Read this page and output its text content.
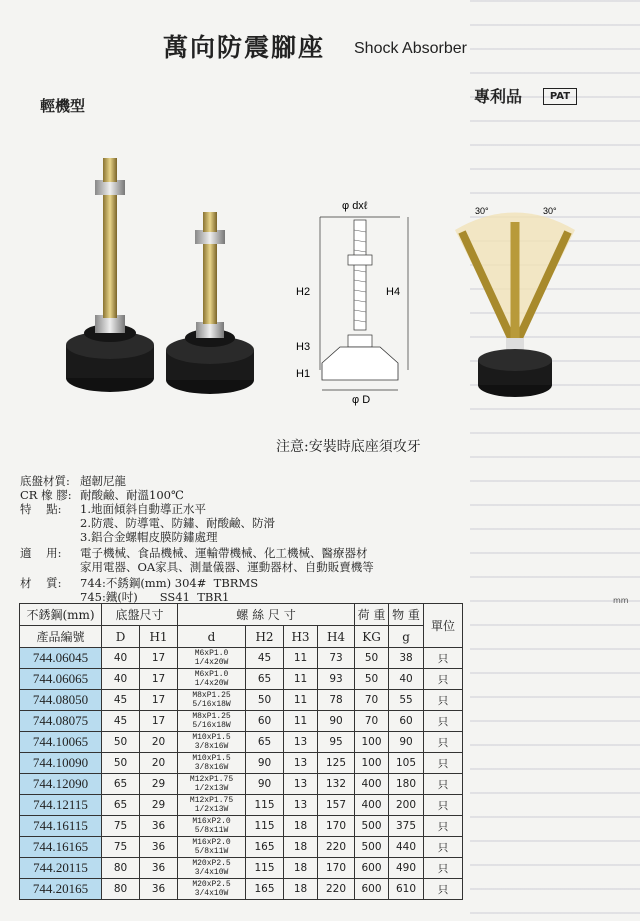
萬向防震腳座 Shock Absorber
輕機型	專利品	PAT
φ dxℓ
H2
H3
H1
H4
φ D
30°	30°
注意:安裝時底座須攻牙
底盤材質: 超韌尼龍
CR 橡 膠: 耐酸鹼、耐溫100℃
特    點: 1.地面傾斜自動導正水平
2.防震、防導電、防鏽、耐酸鹼、防滑
3.鋁合金螺帽皮膜防鏽處理
適    用: 電子機械、食品機械、運輸帶機械、化工機械、醫療器材
家用電器、OA家具、測量儀器、運動器材、自動販賣機等
材    質: 744:不銹鋼(mm) 304#  TBRMS
745:鐵(吋)      SS41  TBR1	mm
不銹鋼(mm)	底盤尺寸		螺 絲 尺 寸				荷 重	物 重	單位
產品編號	D	H1	d	H2	H3	H4	KG	g	
744.06045	40	17	M6xP1.0
1/4x20W	45	11	73	50	38	只
744.06065	40	17	M6xP1.0
1/4x20W	65	11	93	50	40	只
744.08050	45	17	M8xP1.25
5/16x18W	50	11	78	70	55	只
744.08075	45	17	M8xP1.25
5/16x18W	60	11	90	70	60	只
744.10065	50	20	M10xP1.5
3/8x16W	65	13	95	100	90	只
744.10090	50	20	M10xP1.5
3/8x16W	90	13	125	100	105	只
744.12090	65	29	M12xP1.75
1/2x13W	90	13	132	400	180	只
744.12115	65	29	M12xP1.75
1/2x13W	115	13	157	400	200	只
744.16115	75	36	M16xP2.0
5/8x11W	115	18	170	500	375	只
744.16165	75	36	M16xP2.0
5/8x11W	165	18	220	500	440	只
744.20115	80	36	M20xP2.5
3/4x10W	115	18	170	600	490	只
744.20165	80	36	M20xP2.5
3/4x10W	165	18	220	600	610	只
